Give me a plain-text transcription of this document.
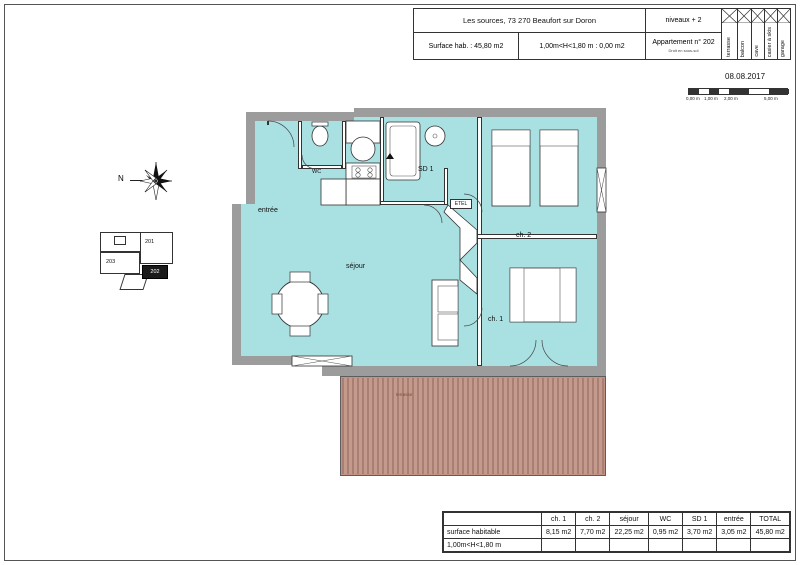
Les sources, 73 270 Beaufort sur Doron
Surface hab. : 45,80 m2	1,00m<H<1,80 m : 0,00 m2
niveaux + 2
Appartement n° 202
Droit en sous-sol	terrasse balcon cave casier à skis garage
08.08.2017
0,00 m 1,00 m 2,00 m	5,00 m
N
201
203
202
entrée
séjour
WC	SD 1
ch. 2
ch. 1
ETEL
terrasse
	ch. 1	ch. 2	séjour	WC	SD 1	entrée	TOTAL
surface habitable	8,15 m2	7,70 m2	22,25 m2	0,95 m2	3,70 m2	3,05 m2	45,80 m2
1,00m<H<1,80 m							
